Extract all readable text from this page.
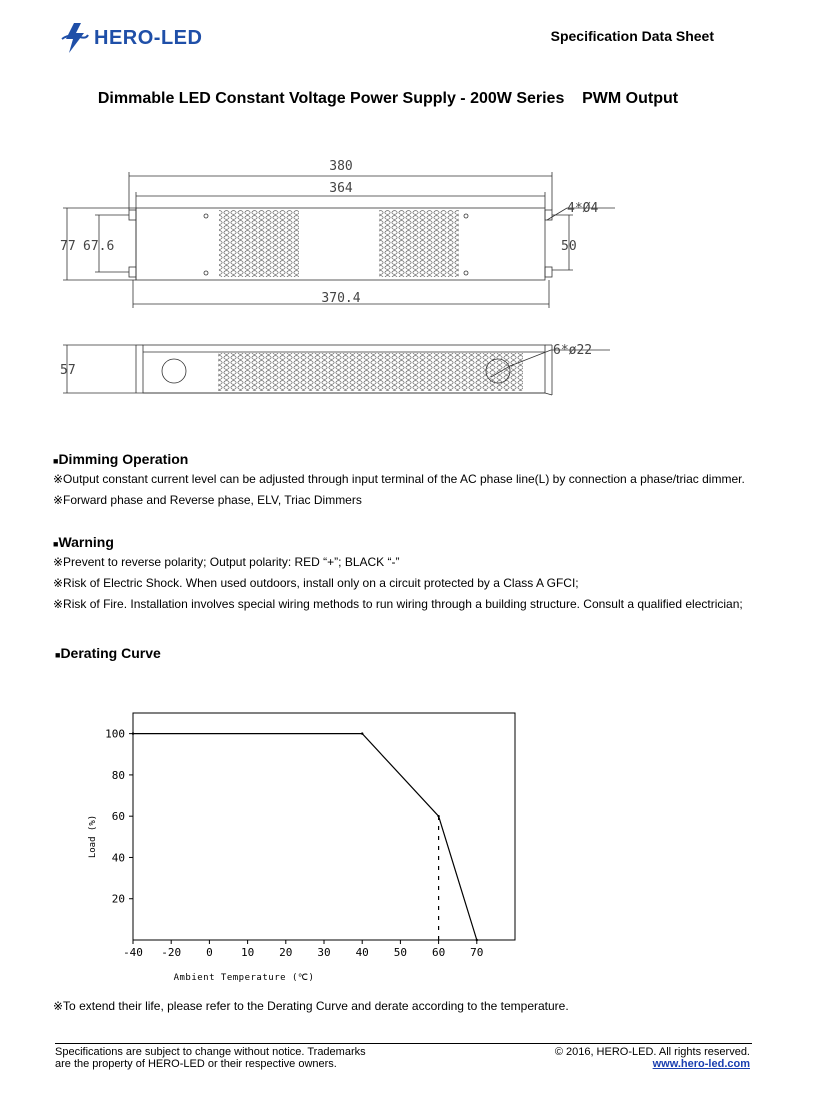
HERO-LED	Specification Data Sheet
Dimmable LED Constant Voltage Power Supply - 200W Series    PWM Output
380
364
370.4
77 67.6	50
4*Ø4
57
6*ø22
■Dimming Operation
※Output constant current level can be adjusted through input terminal of the AC phase line(L) by connection a phase/triac dimmer.
※Forward phase and Reverse phase, ELV, Triac Dimmers
■Warning
※Prevent to reverse polarity; Output polarity: RED “+”; BLACK “-”
※Risk of Electric Shock. When used outdoors, install only on a circuit protected by a Class A GFCI;
※Risk of Fire. Installation involves special wiring methods to run wiring through a building structure. Consult a qualified electrician;
■Derating Curve
-40 -20 0	10 20 30 40 50 60 70
20
40
60
80
100
Ambient Temperature (℃)
Load (%)
※To extend their life, please refer to the Derating Curve and derate according to the temperature.
Specifications are subject to change without notice. Trademarks
are the property of HERO-LED or their respective owners.
© 2016, HERO-LED. All rights reserved.
www.hero-led.com
